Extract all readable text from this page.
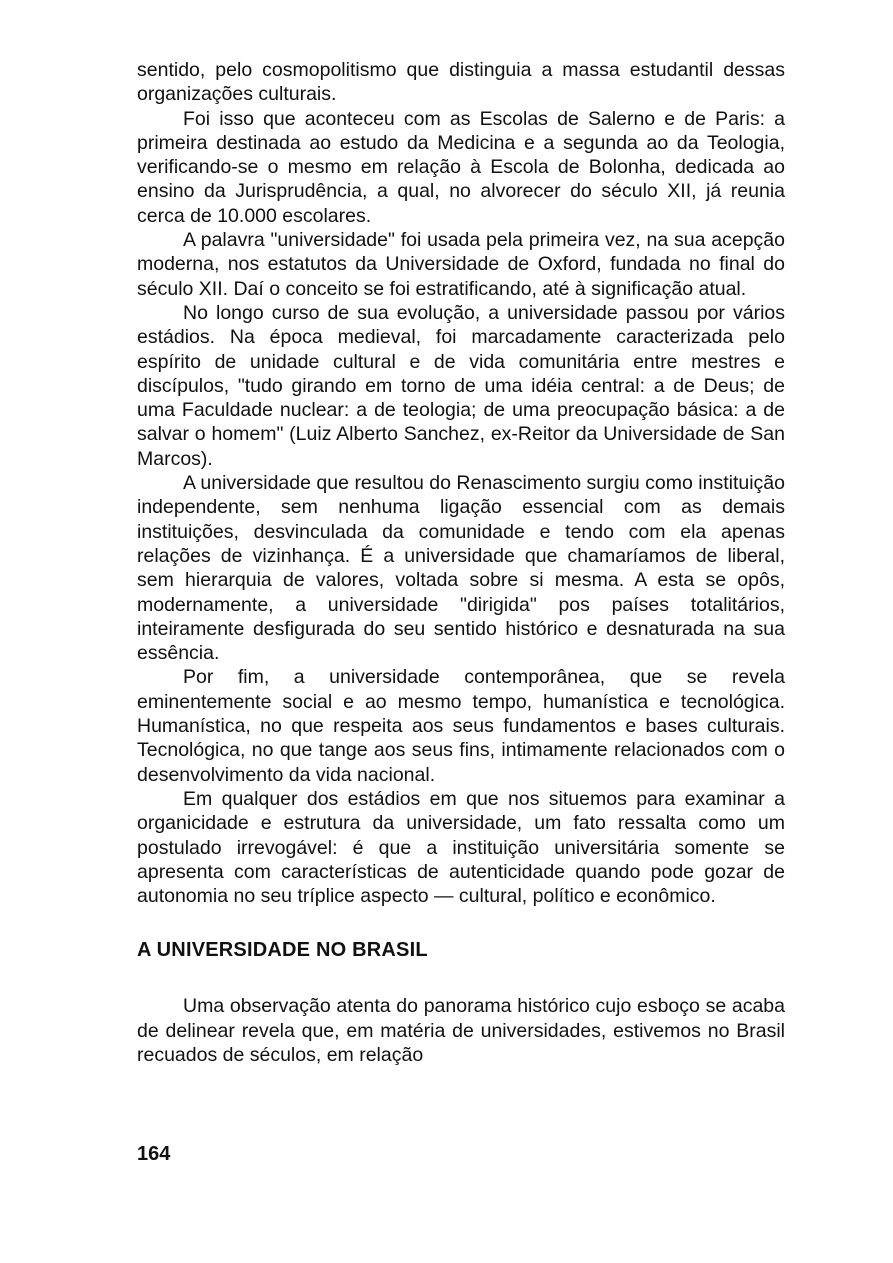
sentido, pelo cosmopolitismo que distinguia a massa estudantil dessas organizações culturais.

Foi isso que aconteceu com as Escolas de Salerno e de Paris: a primeira destinada ao estudo da Medicina e a segunda ao da Teologia, verificando-se o mesmo em relação à Escola de Bolonha, dedicada ao ensino da Jurisprudência, a qual, no alvorecer do século XII, já reunia cerca de 10.000 escolares.

A palavra "universidade" foi usada pela primeira vez, na sua acepção moderna, nos estatutos da Universidade de Oxford, fundada no final do século XII. Daí o conceito se foi estratificando, até à significação atual.

No longo curso de sua evolução, a universidade passou por vários estádios. Na época medieval, foi marcadamente caracterizada pelo espírito de unidade cultural e de vida comunitária entre mestres e discípulos, "tudo girando em torno de uma idéia central: a de Deus; de uma Faculdade nuclear: a de teologia; de uma preocupação básica: a de salvar o homem" (Luiz Alberto Sanchez, ex-Reitor da Universidade de San Marcos).

A universidade que resultou do Renascimento surgiu como instituição independente, sem nenhuma ligação essencial com as demais instituições, desvinculada da comunidade e tendo com ela apenas relações de vizinhança. É a universidade que chamaríamos de liberal, sem hierarquia de valores, voltada sobre si mesma. A esta se opôs, modernamente, a universidade "dirigida" pos países totalitários, inteiramente desfigurada do seu sentido histórico e desnaturada na sua essência.

Por fim, a universidade contemporânea, que se revela eminentemente social e ao mesmo tempo, humanística e tecnológica. Humanística, no que respeita aos seus fundamentos e bases culturais. Tecnológica, no que tange aos seus fins, intimamente relacionados com o desenvolvimento da vida nacional.

Em qualquer dos estádios em que nos situemos para examinar a organicidade e estrutura da universidade, um fato ressalta como um postulado irrevogável: é que a instituição universitária somente se apresenta com características de autenticidade quando pode gozar de autonomia no seu tríplice aspecto — cultural, político e econômico.

A UNIVERSIDADE NO BRASIL

Uma observação atenta do panorama histórico cujo esboço se acaba de delinear revela que, em matéria de universidades, estivemos no Brasil recuados de séculos, em relação

164
